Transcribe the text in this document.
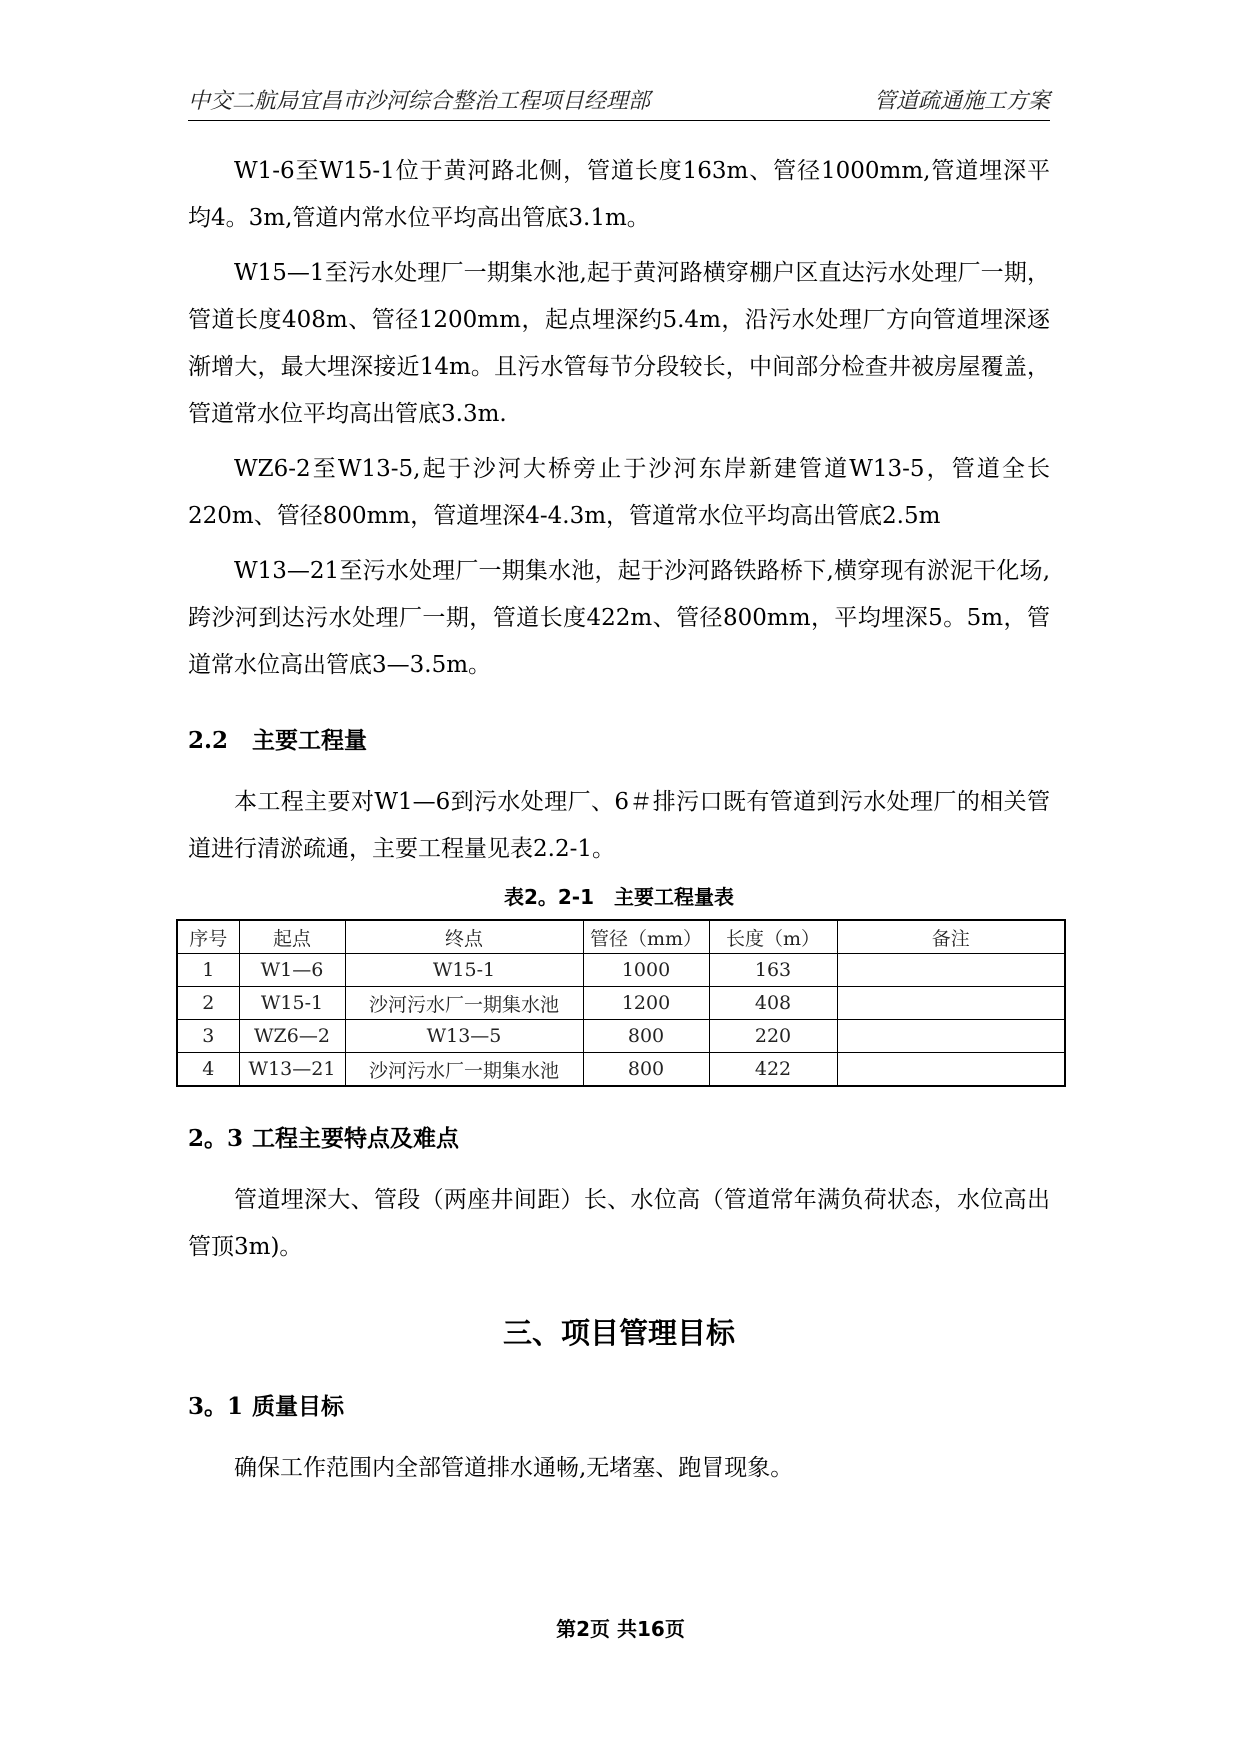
中交二航局宜昌市沙河综合整治工程项目经理部	管道疏通施工方案

W1-6至W15-1位于黄河路北侧，管道长度163m、管径1000mm,管道埋深平均4。3m,管道内常水位平均高出管底3.1m。

W15—1至污水处理厂一期集水池,起于黄河路横穿棚户区直达污水处理厂一期，管道长度408m、管径1200mm，起点埋深约5.4m，沿污水处理厂方向管道埋深逐渐增大，最大埋深接近14m。且污水管每节分段较长，中间部分检查井被房屋覆盖，管道常水位平均高出管底3.3m.

WZ6-2至W13-5,起于沙河大桥旁止于沙河东岸新建管道W13-5，管道全长220m、管径800mm，管道埋深4-4.3m，管道常水位平均高出管底2.5m

W13—21至污水处理厂一期集水池，起于沙河路铁路桥下,横穿现有淤泥干化场,跨沙河到达污水处理厂一期，管道长度422m、管径800mm，平均埋深5。5m，管道常水位高出管底3—3.5m。

2.2 主要工程量

本工程主要对W1—6到污水处理厂、6＃排污口既有管道到污水处理厂的相关管道进行清淤疏通，主要工程量见表2.2-1。

表2。2-1　主要工程量表
序号	起点	终点	管径（mm）	长度（m）	备注
1	W1—6	W15-1	1000	163	
2	W15-1	沙河污水厂一期集水池	1200	408	
3	WZ6—2	W13—5	800	220	
4	W13—21	沙河污水厂一期集水池	800	422	
2。3 工程主要特点及难点

管道埋深大、管段（两座井间距）长、水位高（管道常年满负荷状态，水位高出管顶3m)。

三、项目管理目标
3。1 质量目标

确保工作范围内全部管道排水通畅,无堵塞、跑冒现象。

第2页 共16页
